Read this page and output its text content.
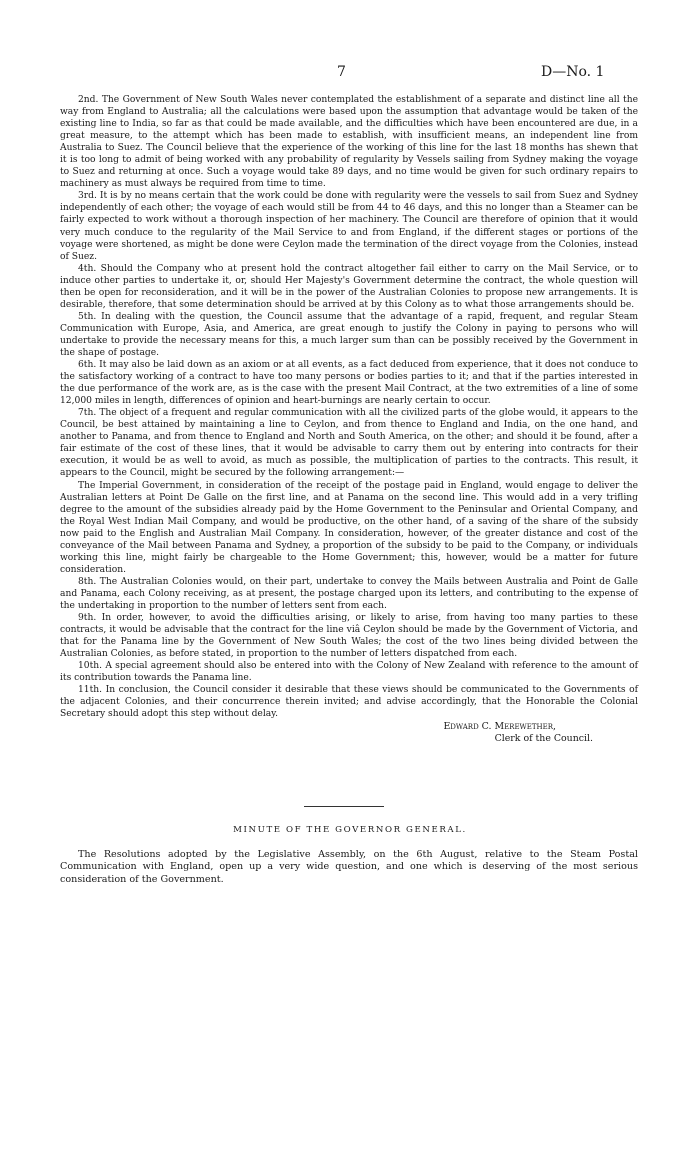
7	D—No. 1

2nd. The Government of New South Wales never contemplated the establishment of a separate and distinct line all the way from England to Australia; all the calculations were based upon the assumption that advantage would be taken of the existing line to India, so far as that could be made available, and the difficulties which have been encountered are due, in a great measure, to the attempt which has been made to establish, with insufficient means, an independent line from Australia to Suez. The Council believe that the experience of the working of this line for the last 18 months has shewn that it is too long to admit of being worked with any probability of regularity by Vessels sailing from Sydney making the voyage to Suez and returning at once. Such a voyage would take 89 days, and no time would be given for such ordinary repairs to machinery as must always be required from time to time.

3rd. It is by no means certain that the work could be done with regularity were the vessels to sail from Suez and Sydney independently of each other; the voyage of each would still be from 44 to 46 days, and this no longer than a Steamer can be fairly expected to work without a thorough inspection of her machinery. The Council are therefore of opinion that it would very much conduce to the regularity of the Mail Service to and from England, if the different stages or portions of the voyage were shortened, as might be done were Ceylon made the termination of the direct voyage from the Colonies, instead of Suez.

4th. Should the Company who at present hold the contract altogether fail either to carry on the Mail Service, or to induce other parties to undertake it, or, should Her Majesty's Government determine the contract, the whole question will then be open for reconsideration, and it will be in the power of the Australian Colonies to propose new arrangements. It is desirable, therefore, that some determination should be arrived at by this Colony as to what those arrangements should be.

5th. In dealing with the question, the Council assume that the advantage of a rapid, frequent, and regular Steam Communication with Europe, Asia, and America, are great enough to justify the Colony in paying to persons who will undertake to provide the necessary means for this, a much larger sum than can be possibly received by the Government in the shape of postage.

6th. It may also be laid down as an axiom or at all events, as a fact deduced from experience, that it does not conduce to the satisfactory working of a contract to have too many persons or bodies parties to it; and that if the parties interested in the due performance of the work are, as is the case with the present Mail Contract, at the two extremities of a line of some 12,000 miles in length, differences of opinion and heart-burnings are nearly certain to occur.

7th. The object of a frequent and regular communication with all the civilized parts of the globe would, it appears to the Council, be best attained by maintaining a line to Ceylon, and from thence to England and India, on the one hand, and another to Panama, and from thence to England and North and South America, on the other; and should it be found, after a fair estimate of the cost of these lines, that it would be advisable to carry them out by entering into contracts for their execution, it would be as well to avoid, as much as possible, the multiplication of parties to the contracts. This result, it appears to the Council, might be secured by the following arrangement:—

The Imperial Government, in consideration of the receipt of the postage paid in England, would engage to deliver the Australian letters at Point De Galle on the first line, and at Panama on the second line. This would add in a very trifling degree to the amount of the subsidies already paid by the Home Government to the Peninsular and Oriental Company, and the Royal West Indian Mail Company, and would be productive, on the other hand, of a saving of the share of the subsidy now paid to the English and Australian Mail Company. In consideration, however, of the greater distance and cost of the conveyance of the Mail between Panama and Sydney, a proportion of the subsidy to be paid to the Company, or individuals working this line, might fairly be chargeable to the Home Government; this, however, would be a matter for future consideration.

8th. The Australian Colonies would, on their part, undertake to convey the Mails between Australia and Point de Galle and Panama, each Colony receiving, as at present, the postage charged upon its letters, and contributing to the expense of the undertaking in proportion to the number of letters sent from each.

9th. In order, however, to avoid the difficulties arising, or likely to arise, from having too many parties to these contracts, it would be advisable that the contract for the line viâ Ceylon should be made by the Government of Victoria, and that for the Panama line by the Government of New South Wales; the cost of the two lines being divided between the Australian Colonies, as before stated, in proportion to the number of letters dispatched from each.

10th. A special agreement should also be entered into with the Colony of New Zealand with reference to the amount of its contribution towards the Panama line.

11th. In conclusion, the Council consider it desirable that these views should be communicated to the Governments of the adjacent Colonies, and their concurrence therein invited; and advise accordingly, that the Honorable the Colonial Secretary should adopt this step without delay.

Edward C. Merewether,
Clerk of the Council.
MINUTE OF THE GOVERNOR GENERAL.

The Resolutions adopted by the Legislative Assembly, on the 6th August, relative to the Steam Postal Communication with England, open up a very wide question, and one which is deserving of the most serious consideration of the Government.
